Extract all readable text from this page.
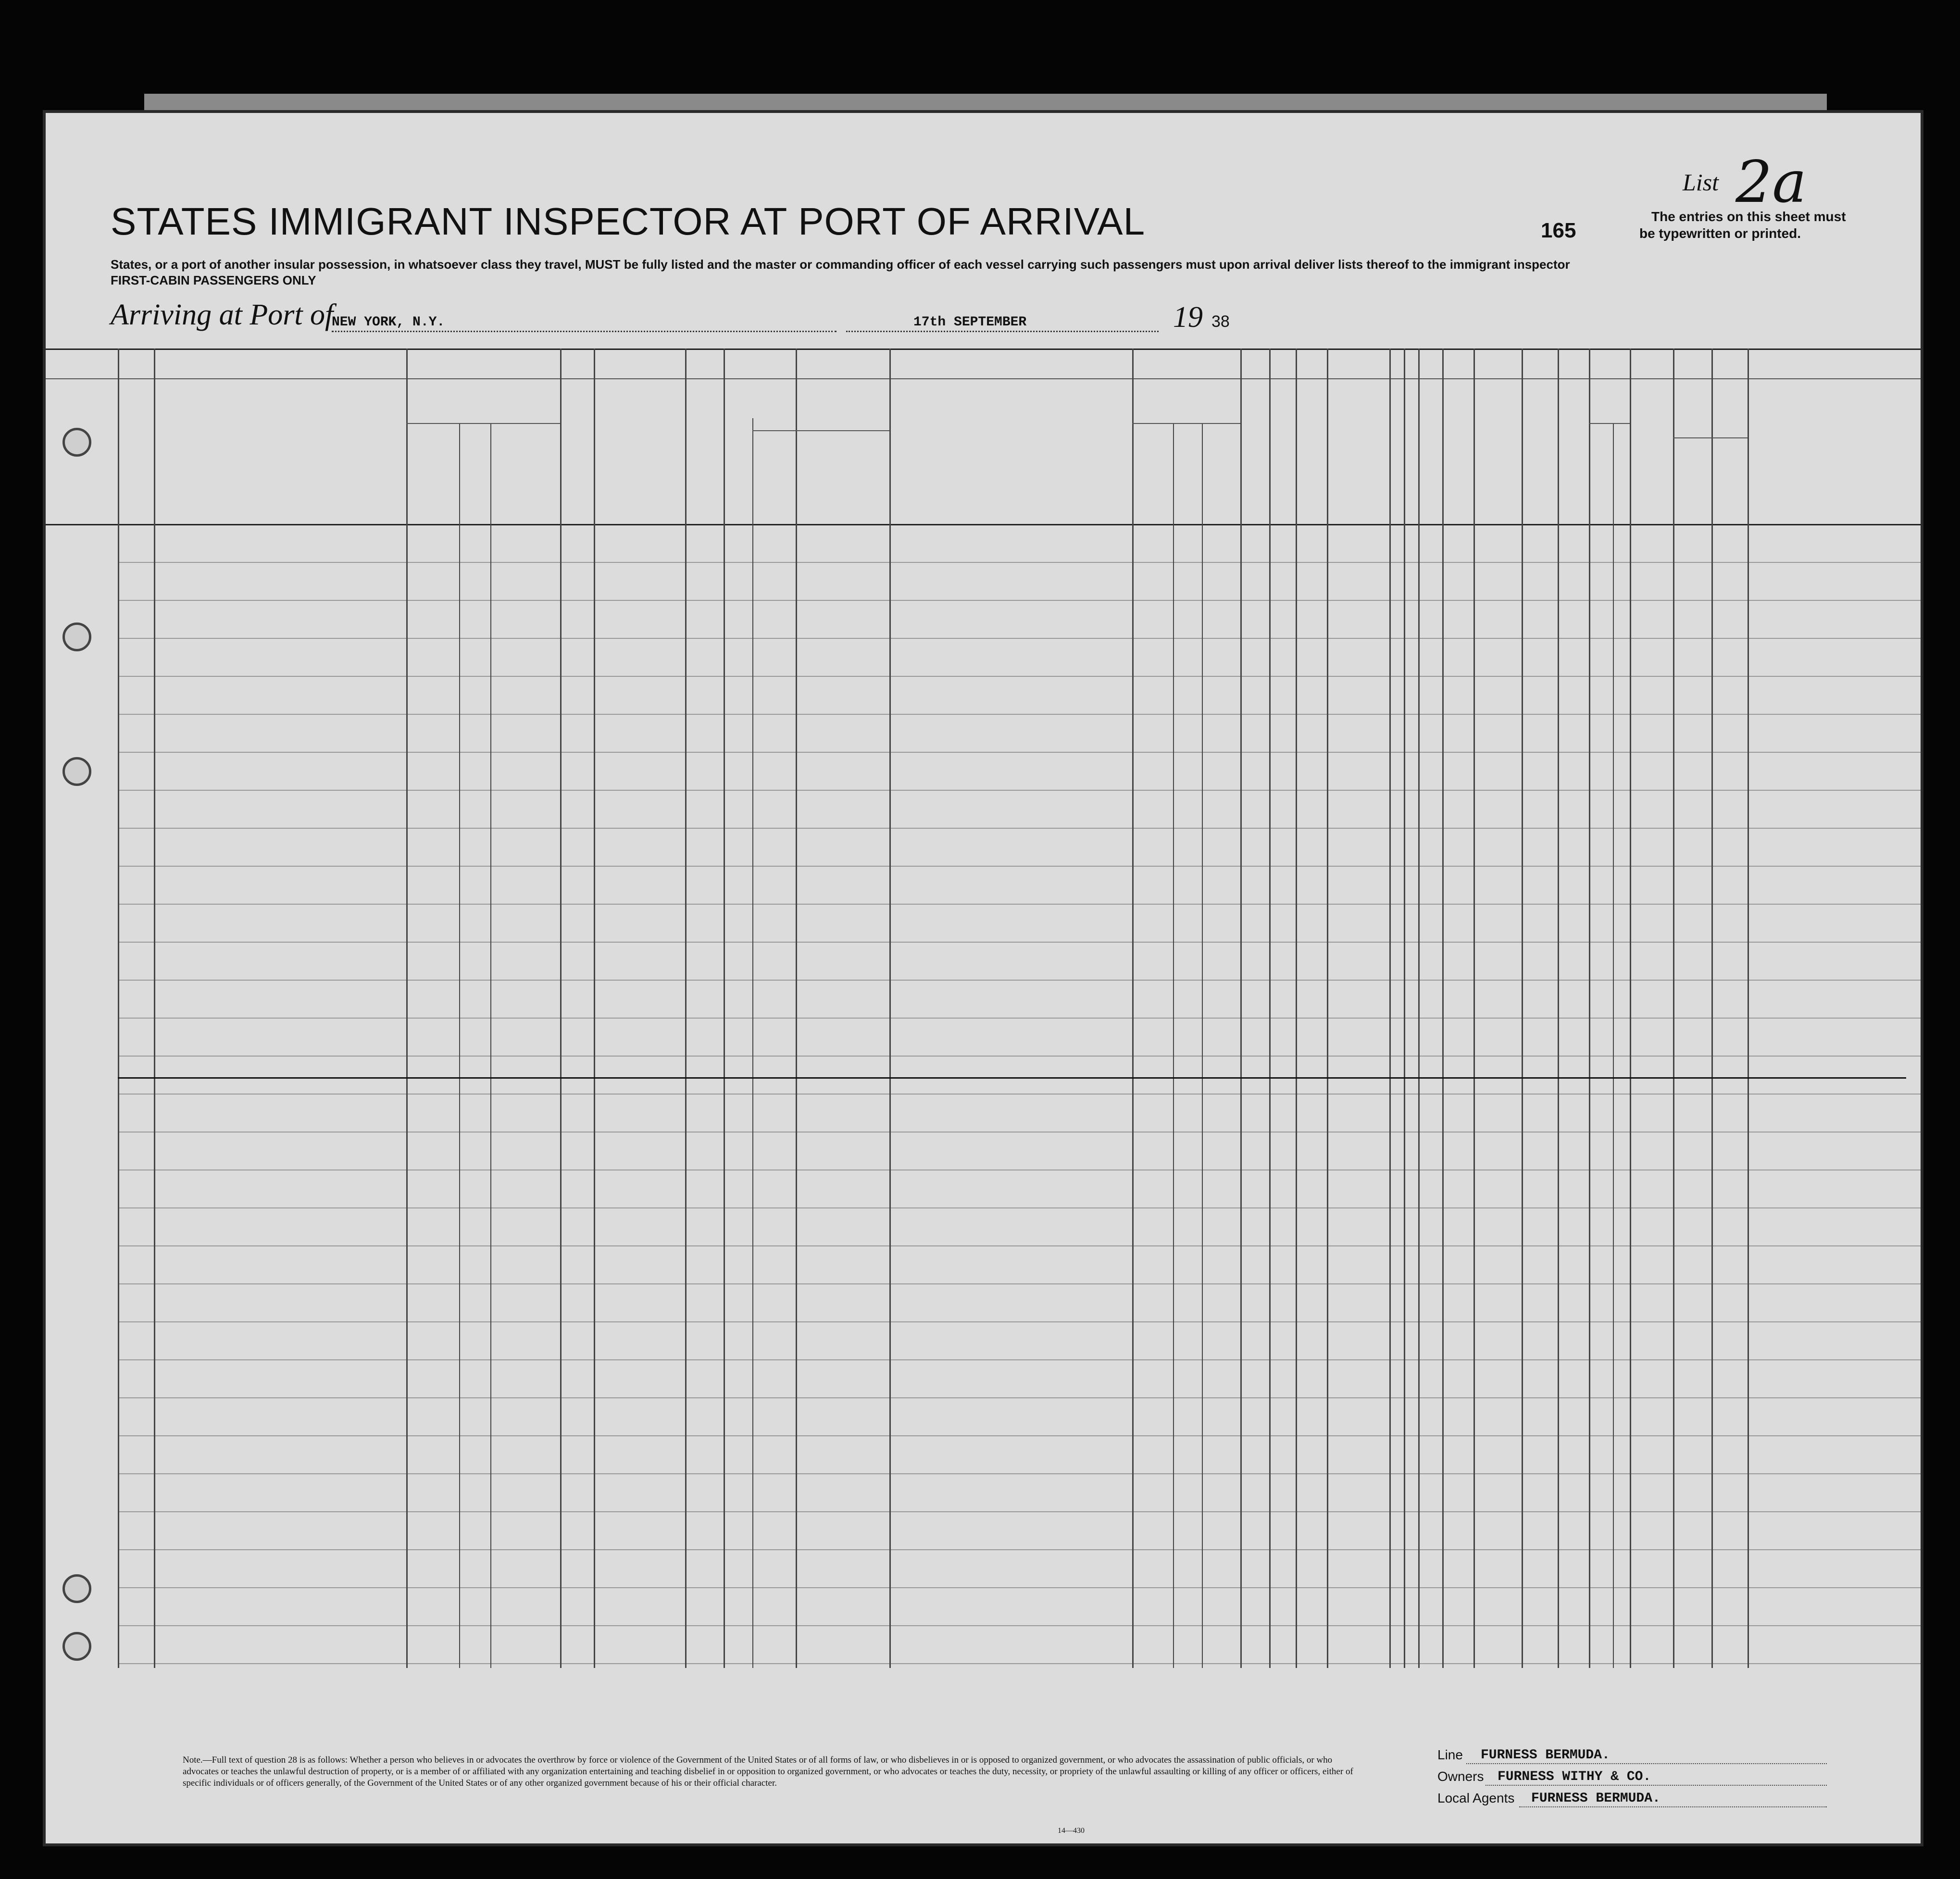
STATES IMMIGRANT INSPECTOR AT PORT OF ARRIVAL	165
List 2a
The entries on this sheet must
be typewritten or printed.
States, or a port of another insular possession, in whatsoever class they travel, MUST be fully listed and the master or commanding officer of each vessel carrying such passengers must upon arrival deliver lists thereof to the immigrant inspector
FIRST-CABIN PASSENGERS ONLY
Arriving at Port of
NEW YORK, N.Y.	17th SEPTEMBER	19 38
Note.—Full text of question 28 is as follows: Whether a person who believes in or advocates the overthrow by force or violence of the Government of the United States or of all forms of law, or who disbelieves in or is opposed to organized government, or who advocates the assassination of public officials, or who advocates or teaches the unlawful destruction of property, or is a member of or affiliated with any organization entertaining and teaching disbelief in or opposition to organized government, or who advocates or teaches the duty, necessity, or propriety of the unlawful assaulting or killing of any officer or officers, either of specific individuals or of officers generally, of the Government of the United States or of any other organized government because of his or their official character.
14—430
Line FURNESS BERMUDA.
Owners FURNESS WITHY & CO.
Local Agents FURNESS BERMUDA.
